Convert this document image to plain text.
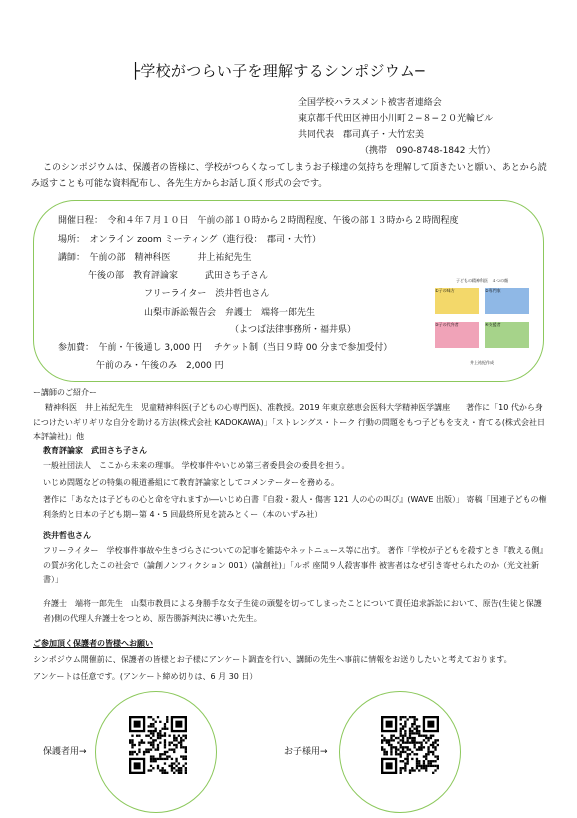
├学校がつらい子を理解するシンポジウム─
全国学校ハラスメント被害者連絡会
東京都千代田区神田小川町２−８−２０光輪ビル
共同代表　郡司真子・大竹宏美
（携帯　090-8748-1842 大竹）
このシンポジウムは、保護者の皆様に、学校がつらくなってしまうお子様達の気持ちを理解して頂きたいと願い、あとから読み返すことも可能な資料配布し、各先生方からお話し頂く形式の会です。
開催日程：　令和４年７月１０日　午前の部１０時から２時間程度、午後の部１３時から２時間程度
場所：　オンライン zoom ミーティング（進行役：　郡司・大竹）
講師：　午前の部　精神科医　　　井上祐紀先生
午後の部　教育評論家　　　武田さち子さん
フリーライター　渋井哲也さん
山梨市訴訟報告会　弁護士　端将一郎先生
（よつば法律事務所・福井県）
参加費：　午前・午後通し 3,000 円　 チケット制（当日９時 00 分まで参加受付）
午前のみ・午後のみ　2,000 円
子どもの精神科医　４つの顔
①子の味方	②専門家
③子の代弁者	④支援者
井上祐紀作成
ー講師のご紹介ー
精神科医　井上祐紀先生　児童精神科医(子どもの心専門医)、准教授。2019 年東京慈恵会医科大学精神医学講座　　著作に「10 代から身につけたいギリギリな自分を助ける方法(株式会社 KADOKAWA)」「ストレングス・トーク 行動の問題をもつ子どもを支え・育てる(株式会社日本評論社)」他
教育評論家　武田さち子さん
一般社団法人　ここから未来の理事。 学校事件やいじめ第三者委員会の委員を担う。
いじめ問題などの特集の報道番組にて教育評論家としてコメンテーターを務める。
著作に「あなたは子どもの心と命を守れますか―いじめ白書『自殺・殺人・傷害 121 人の心の叫び』(WAVE 出版）」 寄稿「国連子どもの権利条約と日本の子ども期ー第 4・5 回最終所見を読みとくー（本のいずみ社）
渋井哲也さん
フリーライター　学校事件事故や生きづらさについての記事を雑誌やネットニュース等に出す。 著作「学校が子どもを殺すとき『教える側』の質が劣化したこの社会で（論創ノンフィクション 001）(論創社)」「ルポ 座間９人殺害事件 被害者はなぜ引き寄せられたのか（光文社新書）」
弁護士　端将一郎先生　山梨市教員による身勝手な女子生徒の頭髪を切ってしまったことについて責任追求訴訟において、原告(生徒と保護者)側の代理人弁護士をつとめ、原告勝訴判決に導いた先生。
ご参加頂く保護者の皆様へお願い
シンポジウム開催前に、保護者の皆様とお子様にアンケート調査を行い、講師の先生へ事前に情報をお送りしたいと考えております。
アンケートは任意です。(アンケート締め切りは、6 月 30 日）
保護者用→	お子様用→
